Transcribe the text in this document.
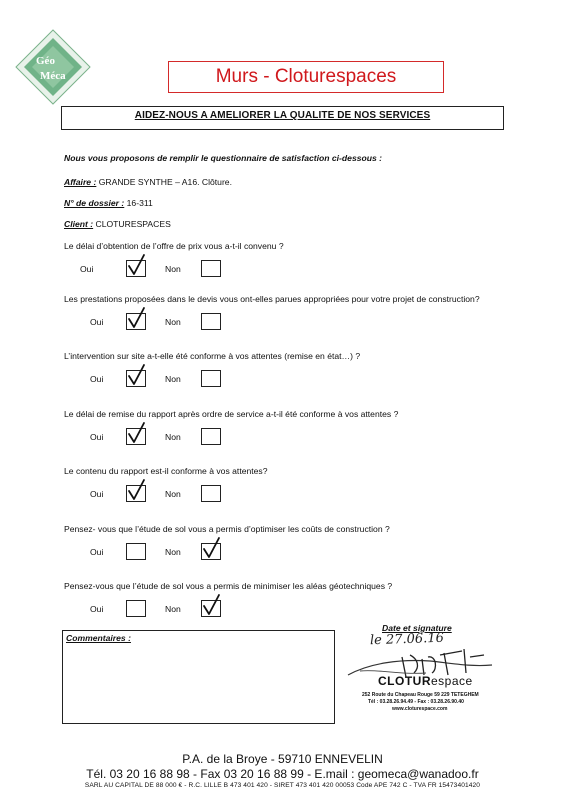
Géo
Méca	Murs - Cloturespaces
AIDEZ-NOUS A AMELIORER LA QUALITE DE NOS SERVICES
Nous vous proposons de remplir le questionnaire de satisfaction ci-dessous :
Affaire : GRANDE SYNTHE – A16. Clôture.
N° de dossier : 16-311
Client : CLOTURESPACES
Le délai d’obtention de l’offre de prix vous a-t-il convenu ?
Oui	Non
Les prestations proposées dans le devis vous ont-elles parues appropriées pour votre projet de construction?
Oui	Non
L’intervention sur site a-t-elle été conforme à vos attentes (remise en état…) ?
Oui	Non
Le délai de remise du rapport après ordre de service a-t-il été conforme à vos attentes ?
Oui	Non
Le contenu du rapport est-il conforme à vos attentes?
Oui	Non
Pensez- vous que l’étude de sol vous a permis d’optimiser les coûts de construction ?
Oui	Non
Pensez-vous que l’étude de sol vous a permis de minimiser les aléas géotechniques ?
Oui	Non
Commentaires :
Date et signature
le 27.06.16
CLOTURespace
252 Route du Chapeau Rouge 59 229 TETEGHEM
Tél : 03.28.26.94.49 - Fax : 03.28.26.90.40
www.cloturespace.com
P.A. de la Broye - 59710 ENNEVELIN
Tél. 03 20 16 88 98 - Fax 03 20 16 88 99 - E.mail : geomeca@wanadoo.fr
SARL AU CAPITAL DE 88 000 € - R.C. LILLE B 473 401 420 - SIRET 473 401 420 00053 Code APE 742 C - TVA FR 15473401420
